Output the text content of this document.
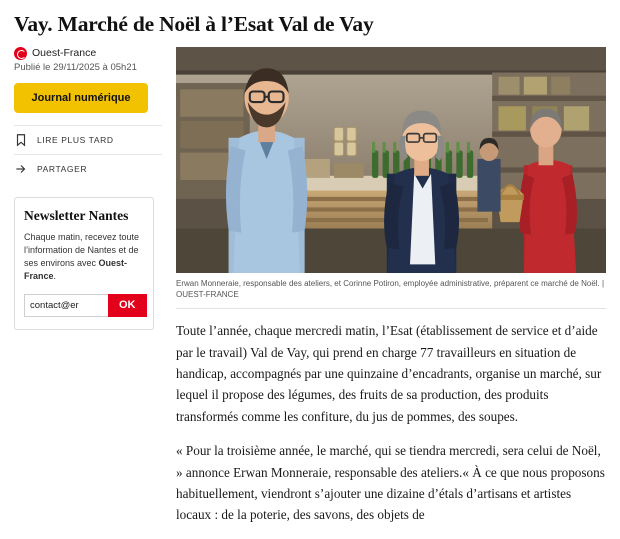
Vay. Marché de Noël à l’Esat Val de Vay
Ouest-France
Publié le 29/11/2025 à 05h21
Journal numérique
LIRE PLUS TARD
PARTAGER
Newsletter Nantes
Chaque matin, recevez toute l’information de Nantes et de ses environs avec Ouest-France.
contact@er
OK
Erwan Monneraie, responsable des ateliers, et Corinne Potiron, employée administrative, préparent ce marché de Noël. | OUEST-FRANCE

Toute l’année, chaque mercredi matin, l’Esat (établissement de service et d’aide par le travail) Val de Vay, qui prend en charge 77 travailleurs en situation de handicap, accompagnés par une quinzaine d’encadrants, organise un marché, sur lequel il propose des légumes, des fruits de sa production, des produits transformés comme les confiture, du jus de pommes, des soupes.

« Pour la troisième année, le marché, qui se tiendra mercredi, sera celui de Noël, » annonce Erwan Monneraie, responsable des ateliers.« À ce que nous proposons habituellement, viendront s’ajouter une dizaine d’étals d’artisans et artistes locaux : de la poterie, des savons, des objets de
